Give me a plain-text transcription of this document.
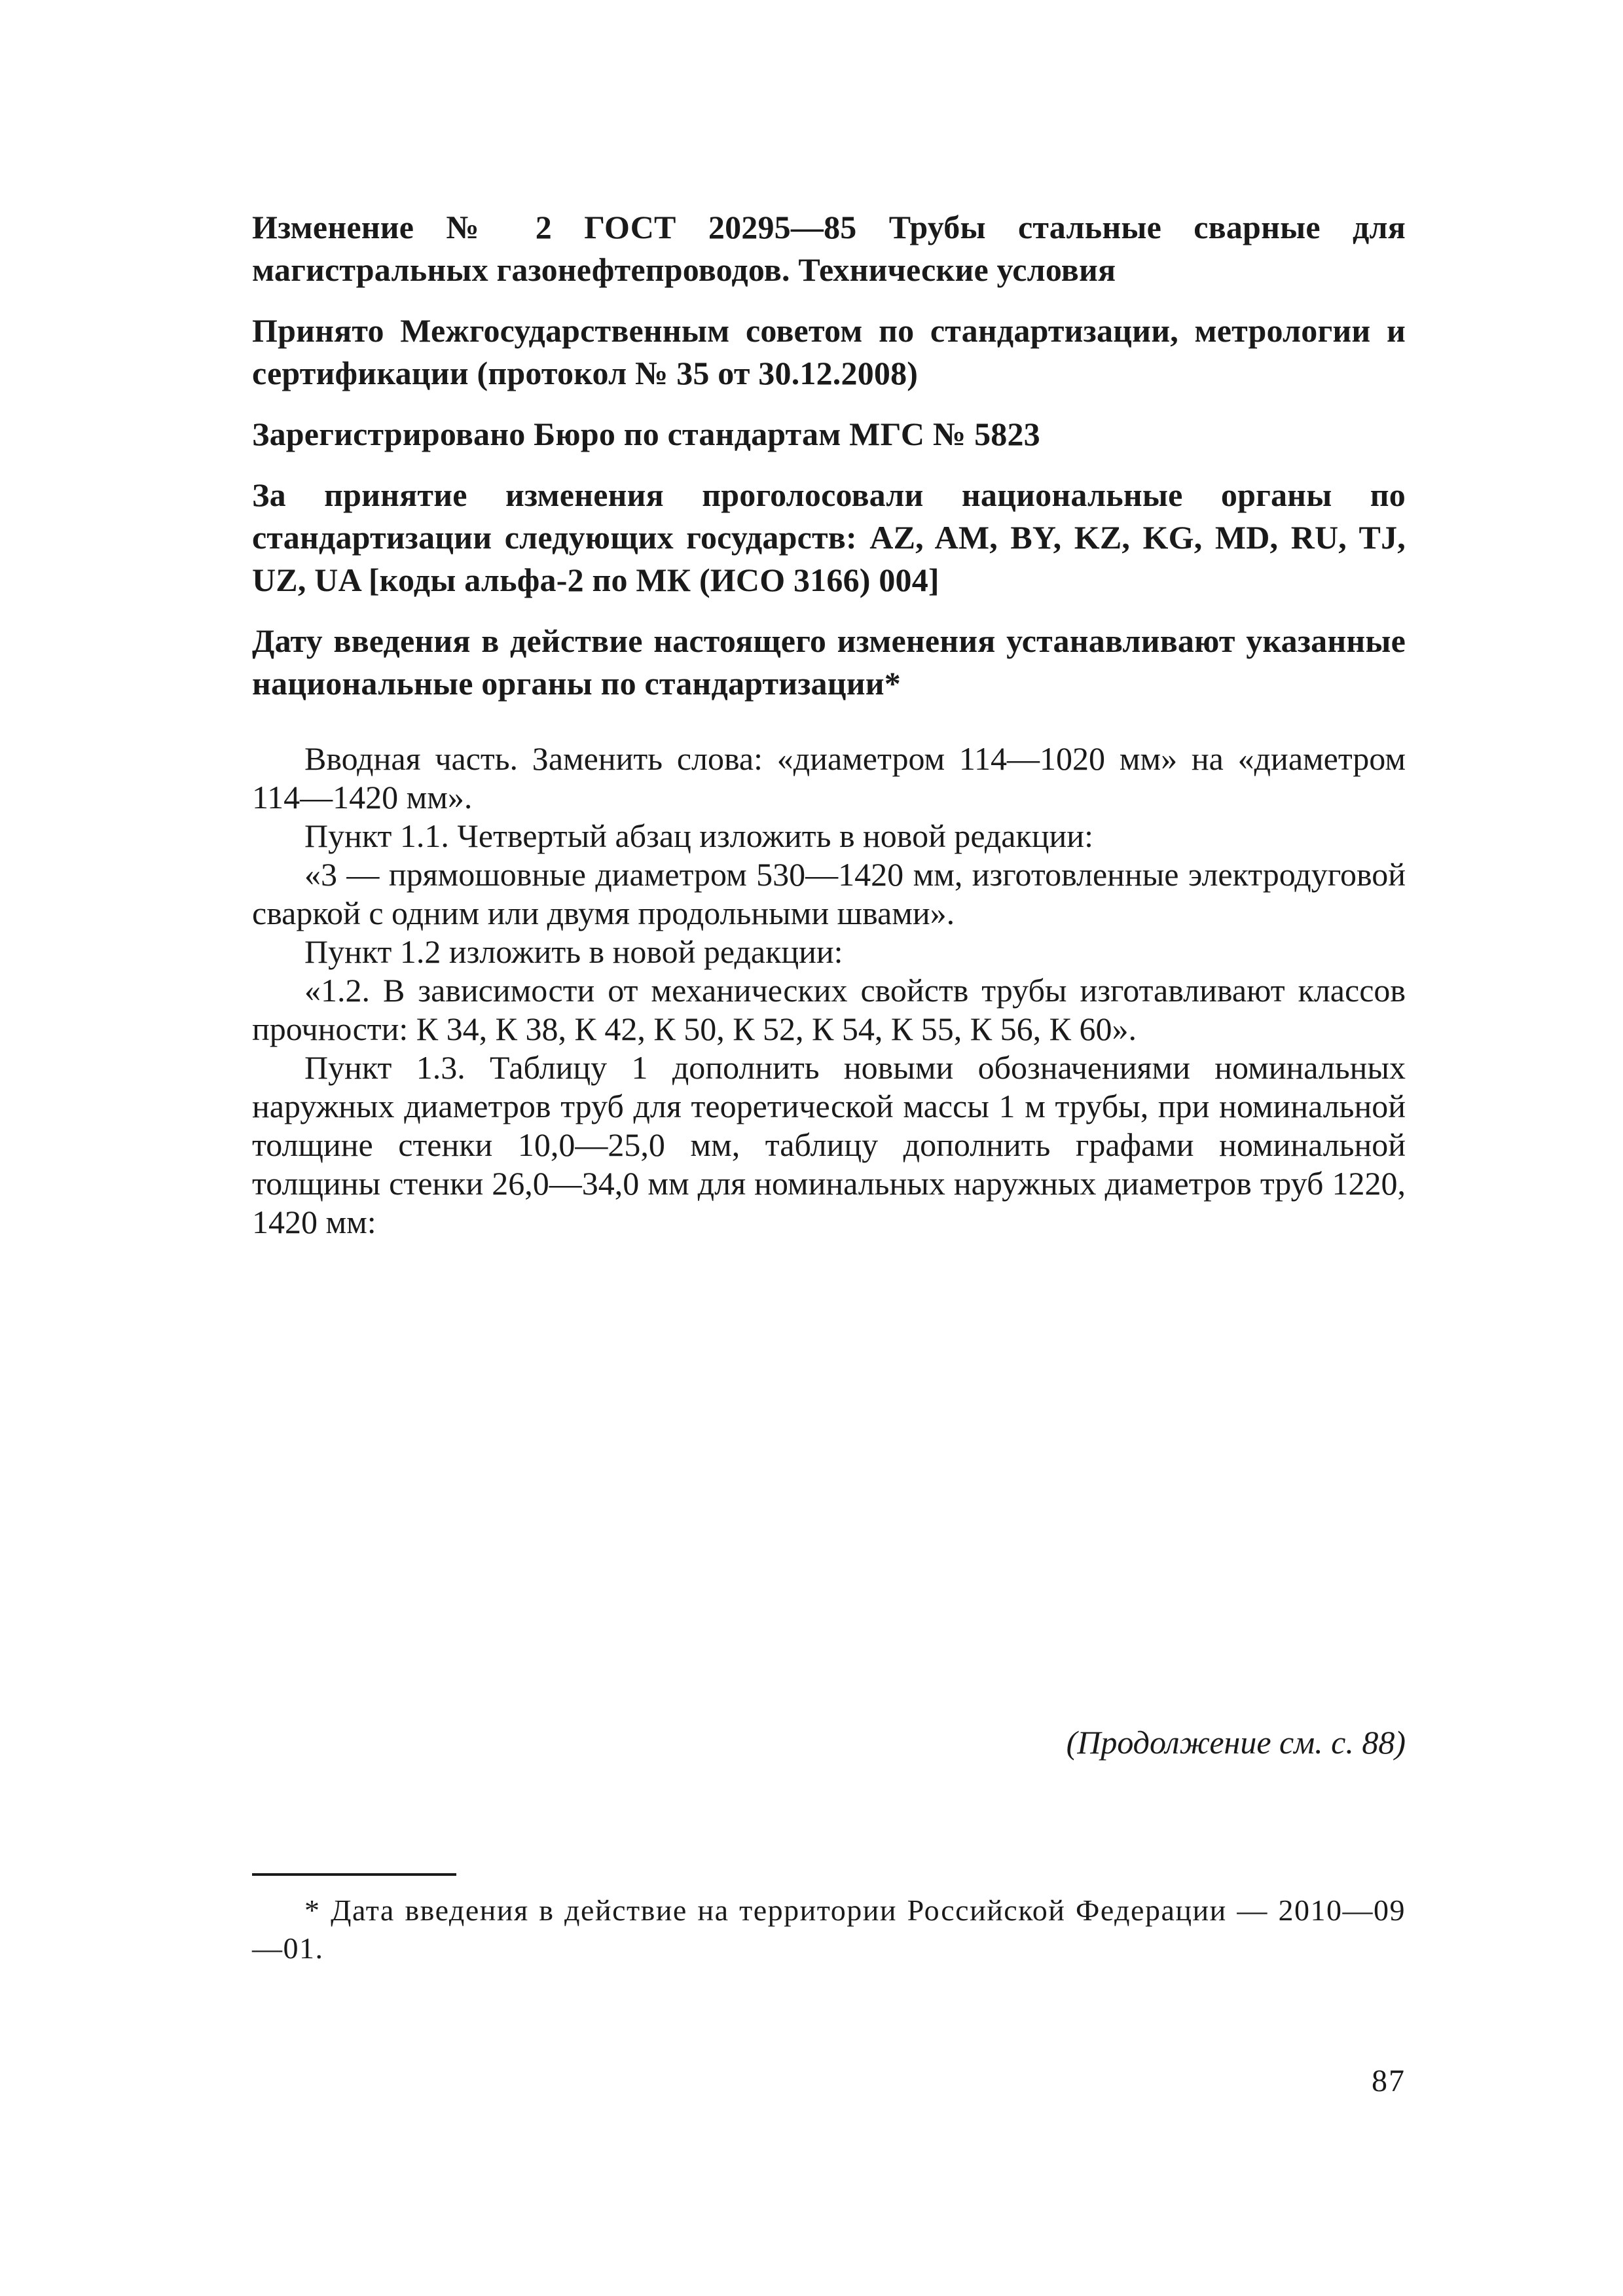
Изменение № 2 ГОСТ 20295—85 Трубы стальные сварные для магистральных газонефтепроводов. Технические условия

Принято Межгосударственным советом по стандартизации, метрологии и сертификации (протокол № 35 от 30.12.2008)

Зарегистрировано Бюро по стандартам МГС № 5823

За принятие изменения проголосовали национальные органы по стандартизации следующих государств: AZ, AM, BY, KZ, KG, MD, RU, TJ, UZ, UA [коды альфа-2 по МК (ИСО 3166) 004]

Дату введения в действие настоящего изменения устанавливают указанные национальные органы по стандартизации*

Вводная часть. Заменить слова: «диаметром 114—1020 мм» на «диаметром 114—1420 мм».

Пункт 1.1. Четвертый абзац изложить в новой редакции:

«3 — прямошовные диаметром 530—1420 мм, изготовленные электродуговой сваркой с одним или двумя продольными швами».

Пункт 1.2 изложить в новой редакции:

«1.2. В зависимости от механических свойств трубы изготавливают классов прочности: К 34, К 38, К 42, К 50, К 52, К 54, К 55, К 56, К 60».

Пункт 1.3. Таблицу 1 дополнить новыми обозначениями номинальных наружных диаметров труб для теоретической массы 1 м трубы, при номинальной толщине стенки 10,0—25,0 мм, таблицу дополнить графами номинальной толщины стенки 26,0—34,0 мм для номинальных наружных диаметров труб 1220, 1420 мм:

(Продолжение см. с. 88)

* Дата введения в действие на территории Российской Федерации — 2010—09—01.

87
